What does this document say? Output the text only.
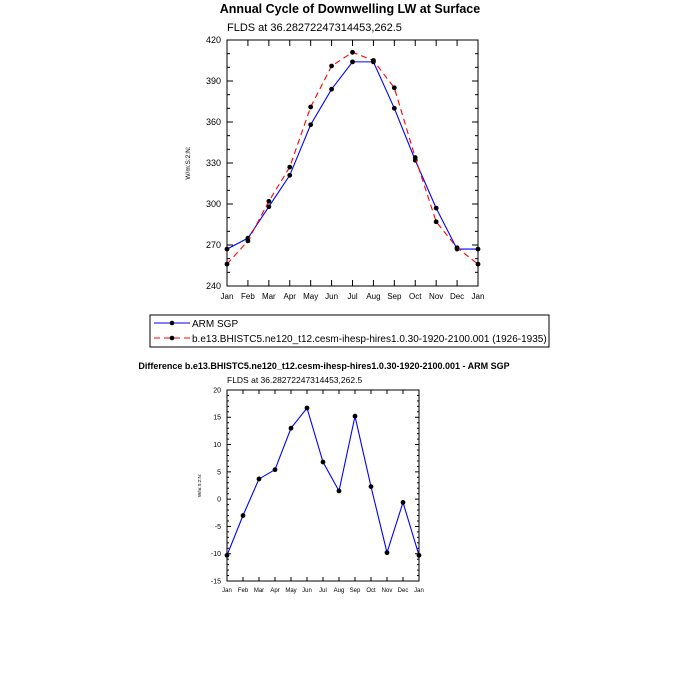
Annual Cycle of Downwelling LW at Surface
FLDS at 36.28272247314453,262.5
Jan Feb Mar Apr May Jun Jul Aug Sep Oct Nov Dec Jan
240
270
300
330
360
390
420
W/m:S:2:N:
ARM SGP
b.e13.BHISTC5.ne120_t12.cesm-ihesp-hires1.0.30-1920-2100.001 (1926-1935)
Difference b.e13.BHISTC5.ne120_t12.cesm-ihesp-hires1.0.30-1920-2100.001 - ARM SGP
FLDS at 36.28272247314453,262.5
Jan Feb Mar Apr May Jun Jul Aug Sep Oct Nov Dec Jan
-15
-10
-5
0
5
10
15
20
W/m:S:2:N:
